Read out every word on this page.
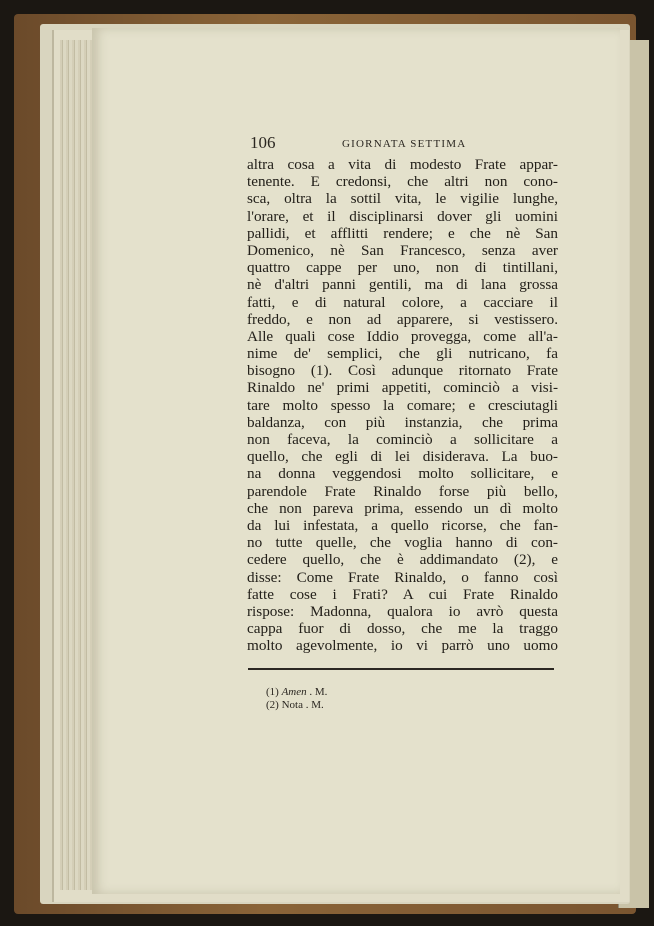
106	GIORNATA SETTIMA
altra cosa a vita di modesto Frate appar-
tenente. E credonsi, che altri non cono-
sca, oltra la sottil vita, le vigilie lunghe,
l'orare, et il disciplinarsi dover gli uomini
pallidi, et afflitti rendere; e che nè San
Domenico, nè San Francesco, senza aver
quattro cappe per uno, non di tintillani,
nè d'altri panni gentili, ma di lana grossa
fatti, e di natural colore, a cacciare il
freddo, e non ad apparere, si vestissero.
Alle quali cose Iddio provegga, come all'a-
nime de' semplici, che gli nutricano, fa
bisogno (1). Così adunque ritornato Frate
Rinaldo ne' primi appetiti, cominciò a visi-
tare molto spesso la comare; e cresciutagli
baldanza, con più instanzia, che prima
non faceva, la cominciò a sollicitare a
quello, che egli di lei disiderava. La buo-
na donna veggendosi molto sollicitare, e
parendole Frate Rinaldo forse più bello,
che non pareva prima, essendo un dì molto
da lui infestata, a quello ricorse, che fan-
no tutte quelle, che voglia hanno di con-
cedere quello, che è addimandato (2), e
disse: Come Frate Rinaldo, o fanno così
fatte cose i Frati? A cui Frate Rinaldo
rispose: Madonna, qualora io avrò questa
cappa fuor di dosso, che me la traggo
molto agevolmente, io vi parrò uno uomo
(1) Amen . M.
(2) Nota . M.
